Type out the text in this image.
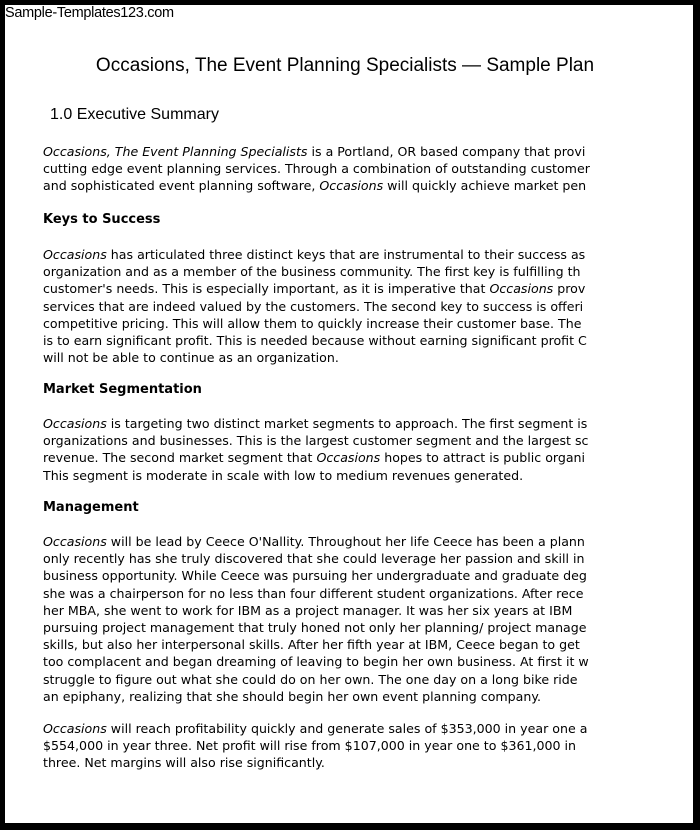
Sample-Templates123.com
Occasions, The Event Planning Specialists — Sample Plan
1.0 Executive Summary
Occasions, The Event Planning Specialists is a Portland, OR based company that provi
cutting edge event planning services. Through a combination of outstanding customer
and sophisticated event planning software, Occasions will quickly achieve market pen
Keys to Success
Occasions has articulated three distinct keys that are instrumental to their success as
organization and as a member of the business community. The first key is fulfilling th
customer's needs. This is especially important, as it is imperative that Occasions prov
services that are indeed valued by the customers. The second key to success is offeri
competitive pricing. This will allow them to quickly increase their customer base. The
is to earn significant profit. This is needed because without earning significant profit C
will not be able to continue as an organization.
Market Segmentation
Occasions is targeting two distinct market segments to approach. The first segment is
organizations and businesses. This is the largest customer segment and the largest sc
revenue. The second market segment that Occasions hopes to attract is public organi
This segment is moderate in scale with low to medium revenues generated.
Management
Occasions will be lead by Ceece O'Nallity. Throughout her life Ceece has been a plann
only recently has she truly discovered that she could leverage her passion and skill in
business opportunity. While Ceece was pursuing her undergraduate and graduate deg
she was a chairperson for no less than four different student organizations. After rece
her MBA, she went to work for IBM as a project manager. It was her six years at IBM
pursuing project management that truly honed not only her planning/ project manage
skills, but also her interpersonal skills. After her fifth year at IBM, Ceece began to get
too complacent and began dreaming of leaving to begin her own business. At first it w
struggle to figure out what she could do on her own. The one day on a long bike ride
an epiphany, realizing that she should begin her own event planning company.
Occasions will reach profitability quickly and generate sales of $353,000 in year one a
$554,000 in year three. Net profit will rise from $107,000 in year one to $361,000 in
three. Net margins will also rise significantly.
